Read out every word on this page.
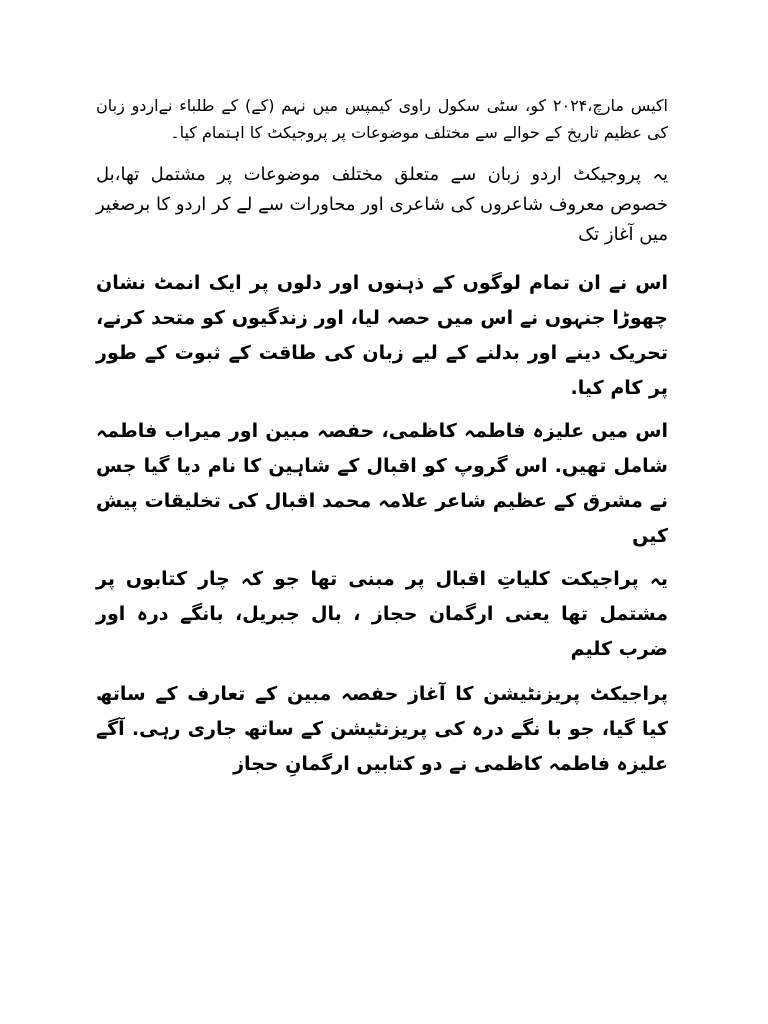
اکیس مارچ،۲۰۲۴ کو، سٹی سکول راوی کیمپس میں نہم (کے) کے طلباء نےاردو زبان کی عظیم تاریخ کے حوالے سے مختلف موضوعات پر پروجیکٹ کا اہتمام کیا۔

یہ پروجیکٹ اردو زبان سے متعلق مختلف موضوعات پر مشتمل تھا،بل خصوص معروف شاعروں کی شاعری اور محاورات سے لے کر اردو کا برصغیر میں آغاز تک

اس نے ان تمام لوگوں کے ذہنوں اور دلوں پر ایک انمٹ نشان چھوڑا جنہوں نے اس میں حصہ لیا، اور زندگیوں کو متحد کرنے، تحریک دینے اور بدلنے کے لیے زبان کی طاقت کے ثبوت کے طور پر کام کیا.

اس میں علیزہ فاطمہ کاظمی، حفصہ مبین اور میراب فاطمہ شامل تھیں. اس گروپ کو اقبال کے شاہین کا نام دیا گیا جس نے مشرق کے عظیم شاعر علامہ محمد اقبال کی تخلیقات پیش کیں

یہ پراجیکت کلیاتِ اقبال پر مبنی تھا جو کہ چار کتابوں پر مشتمل تھا یعنی ارگمان حجاز ، بال جبریل، بانگے درہ اور ضرب کلیم

پراجیکٹ پریزنٹیشن کا آغاز حفصہ مبین کے تعارف کے ساتھ کیا گیا، جو با نگے درہ کی پریزنٹیشن کے ساتھ جاری رہی. آگے علیزہ فاطمہ کاظمی نے دو کتابیں ارگمانِ حجاز
